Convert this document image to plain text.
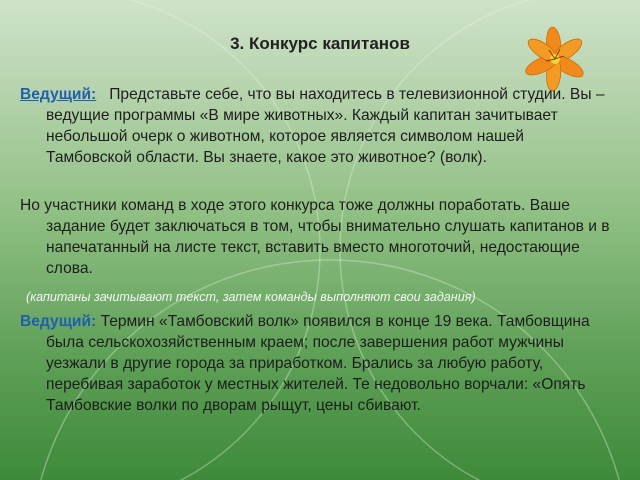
3. Конкурс капитанов
Ведущий: Представьте себе, что вы находитесь в телевизионной студии. Вы – ведущие программы «В мире животных». Каждый капитан зачитывает небольшой очерк о животном, которое является символом нашей Тамбовской области. Вы знаете, какое это животное? (волк).
Но участники команд в ходе этого конкурса тоже должны поработать. Ваше задание будет заключаться в том, чтобы внимательно слушать капитанов и в напечатанный на листе текст, вставить вместо многоточий, недостающие слова.
(капитаны зачитывают текст, затем команды выполняют свои задания)
Ведущий: Термин «Тамбовский волк» появился в конце 19 века. Тамбовщина была сельскохозяйственным краем; после завершения работ мужчины уезжали в другие города за приработком. Брались за любую работу, перебивая заработок у местных жителей. Те недовольно ворчали: «Опять Тамбовские волки по дворам рыщут, цены сбивают.
